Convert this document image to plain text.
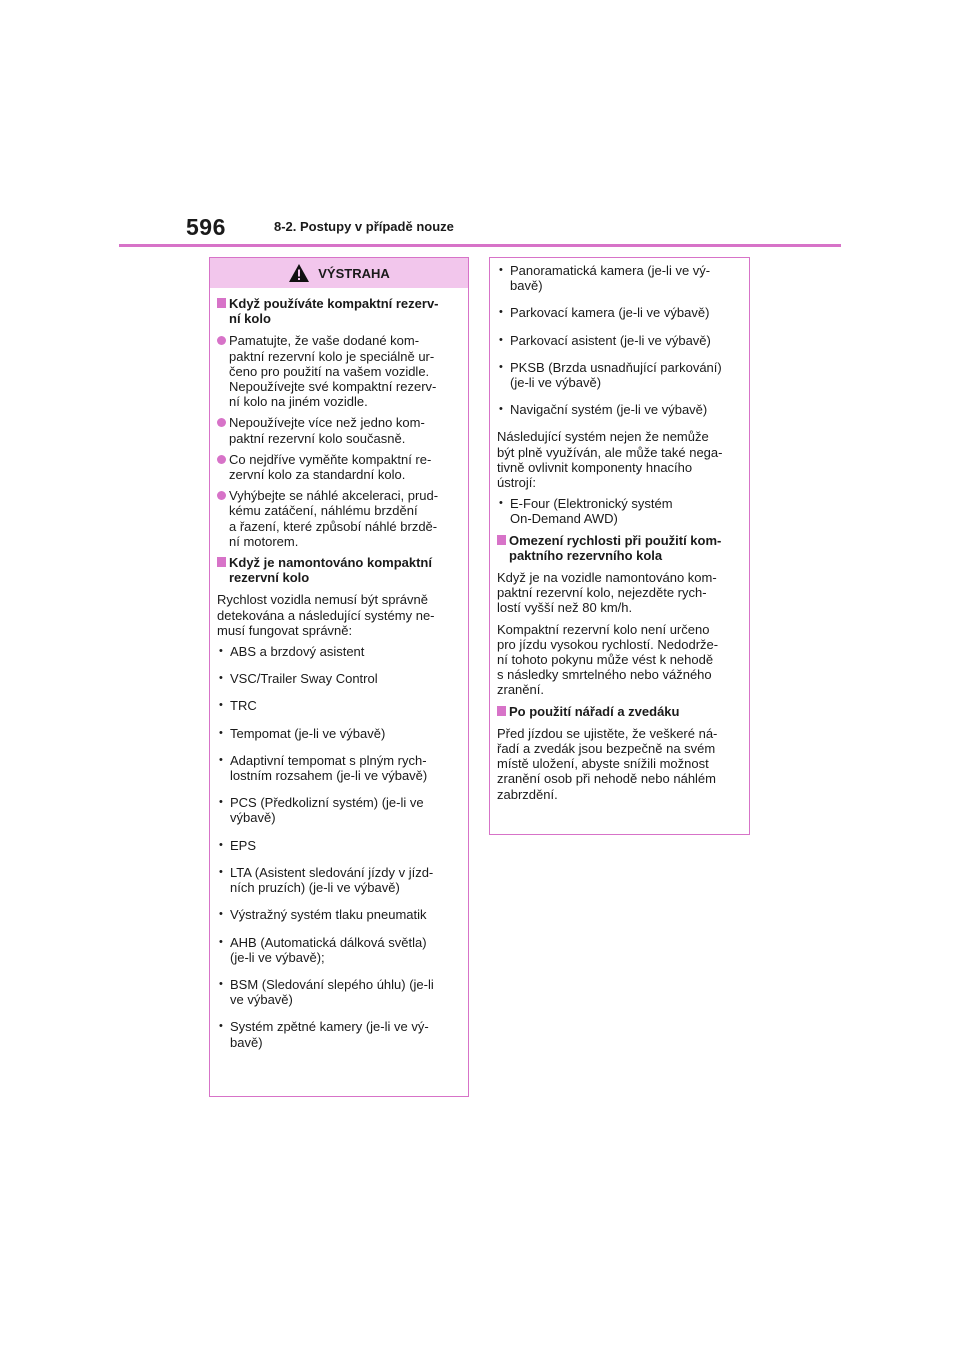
596	8-2. Postupy v případě nouze
VÝSTRAHA
Když používáte kompaktní rezerv-
ní kolo
Pamatujte, že vaše dodané kom-
paktní rezervní kolo je speciálně ur-
čeno pro použití na vašem vozidle.
Nepoužívejte své kompaktní rezerv-
ní kolo na jiném vozidle.
Nepoužívejte více než jedno kom-
paktní rezervní kolo současně.
Co nejdříve vyměňte kompaktní re-
zervní kolo za standardní kolo.
Vyhýbejte se náhlé akceleraci, prud-
kému zatáčení, náhlému brzdění
a řazení, které způsobí náhlé brzdě-
ní motorem.
Když je namontováno kompaktní
rezervní kolo
Rychlost vozidla nemusí být správně
detekována a následující systémy ne-
musí fungovat správně:
• ABS a brzdový asistent
• VSC/Trailer Sway Control
• TRC
• Tempomat (je-li ve výbavě)
• Adaptivní tempomat s plným rych-
lostním rozsahem (je-li ve výbavě)
• PCS (Předkolizní systém) (je-li ve
výbavě)
• EPS
• LTA (Asistent sledování jízdy v jízd-
ních pruzích) (je-li ve výbavě)
• Výstražný systém tlaku pneumatik
• AHB (Automatická dálková světla)
(je-li ve výbavě);
• BSM (Sledování slepého úhlu) (je-li
ve výbavě)
• Systém zpětné kamery (je-li ve vý-
bavě)
• Panoramatická kamera (je-li ve vý-
bavě)
• Parkovací kamera (je-li ve výbavě)
• Parkovací asistent (je-li ve výbavě)
• PKSB (Brzda usnadňující parkování)
(je-li ve výbavě)
• Navigační systém (je-li ve výbavě)
Následující systém nejen že nemůže
být plně využíván, ale může také nega-
tivně ovlivnit komponenty hnacího
ústrojí:
• E-Four (Elektronický systém
On-Demand AWD)
Omezení rychlosti při použití kom-
paktního rezervního kola
Když je na vozidle namontováno kom-
paktní rezervní kolo, nejezděte rych-
lostí vyšší než 80 km/h.
Kompaktní rezervní kolo není určeno
pro jízdu vysokou rychlostí. Nedodrže-
ní tohoto pokynu může vést k nehodě
s následky smrtelného nebo vážného
zranění.
Po použití nářadí a zvedáku
Před jízdou se ujistěte, že veškeré ná-
řadí a zvedák jsou bezpečně na svém
místě uložení, abyste snížili možnost
zranění osob při nehodě nebo náhlém
zabrzdění.
